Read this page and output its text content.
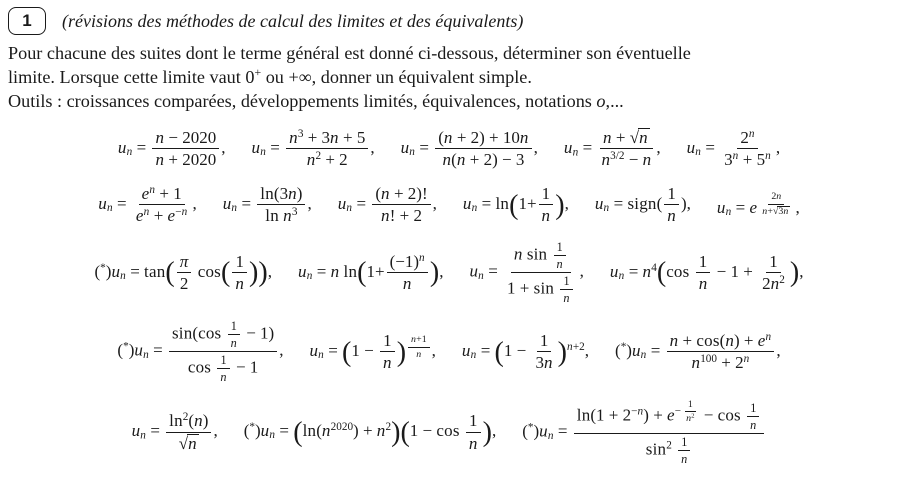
1 (révisions des méthodes de calcul des limites et des équivalents)
Pour chacune des suites dont le terme général est donné ci-dessous, déterminer son éventuelle
limite. Lorsque cette limite vaut 0+ ou +∞, donner un équivalent simple.
Outils : croissances comparées, développements limités, équivalences, notations o,...
$u_n = \frac{n - 2020}{n + 2020}$ , $u_n = \frac{n^3 + 3n + 5}{n^2 + 2}$ , $u_n = \frac{(n + 2) + 10n}{n(n + 2) - 3}$ , $u_n = \frac{n + √n}{n^{3/2} - n}$ , $u_n = \frac{2^n}{3^n + 5^n}$ ,
$u_n = \frac{e^n + 1}{e^n + e^{-n}}$ , $u_n = \frac{\ln(3n)}{\ln n^3}$ , $u_n = \frac{(n + 2)!}{n! + 2}$ , $u_n = \ln(1+ \frac{1}{n}$ ), $u_n$ = sign( $\frac{1}{n}$ ), $u_n = e$ $^{\frac{2n}{n+√3n}}$ ,
$(^*)u_n = \tan( \frac{\pi}{2} \cos( \frac{1}{n}$ )), $u_n = n$ $\ln(1+ \frac{(-1)^n}{n}$ ), $u_n = \frac{n \sin \frac{1}{n}}{1 + \sin \frac{1}{n}}$ , $u_n = n^4(\cos \frac{1}{n} - 1 + \frac{1}{2n^2}$ ),
$(^*)u_n = \frac{\sin(\cos \frac{1}{n} - 1)}{\cos \frac{1}{n} - 1}$ , $u_n = (1 - \frac{1}{n}$ ) $^{\frac{n+1}{n}}$ , $u_n = (1 - \frac{1}{3n} )^{n+2}$, $(^*)u_n = \frac{n + \cos(n) + e^n}{n^{100} + 2^n}$ ,
$u_n = \frac{\ln^2(n)}{√n}$ , $(^*)u_n = (\ln(n^{2020}) + n^2)(1 - \cos \frac{1}{n}$ ), $(^*)u_n = \ln(1 + 2^{-n}) + e^{- \frac{1}{n^2}} - \cos \frac{1}{n}$
$\sin^2 \frac{1}{n}$
